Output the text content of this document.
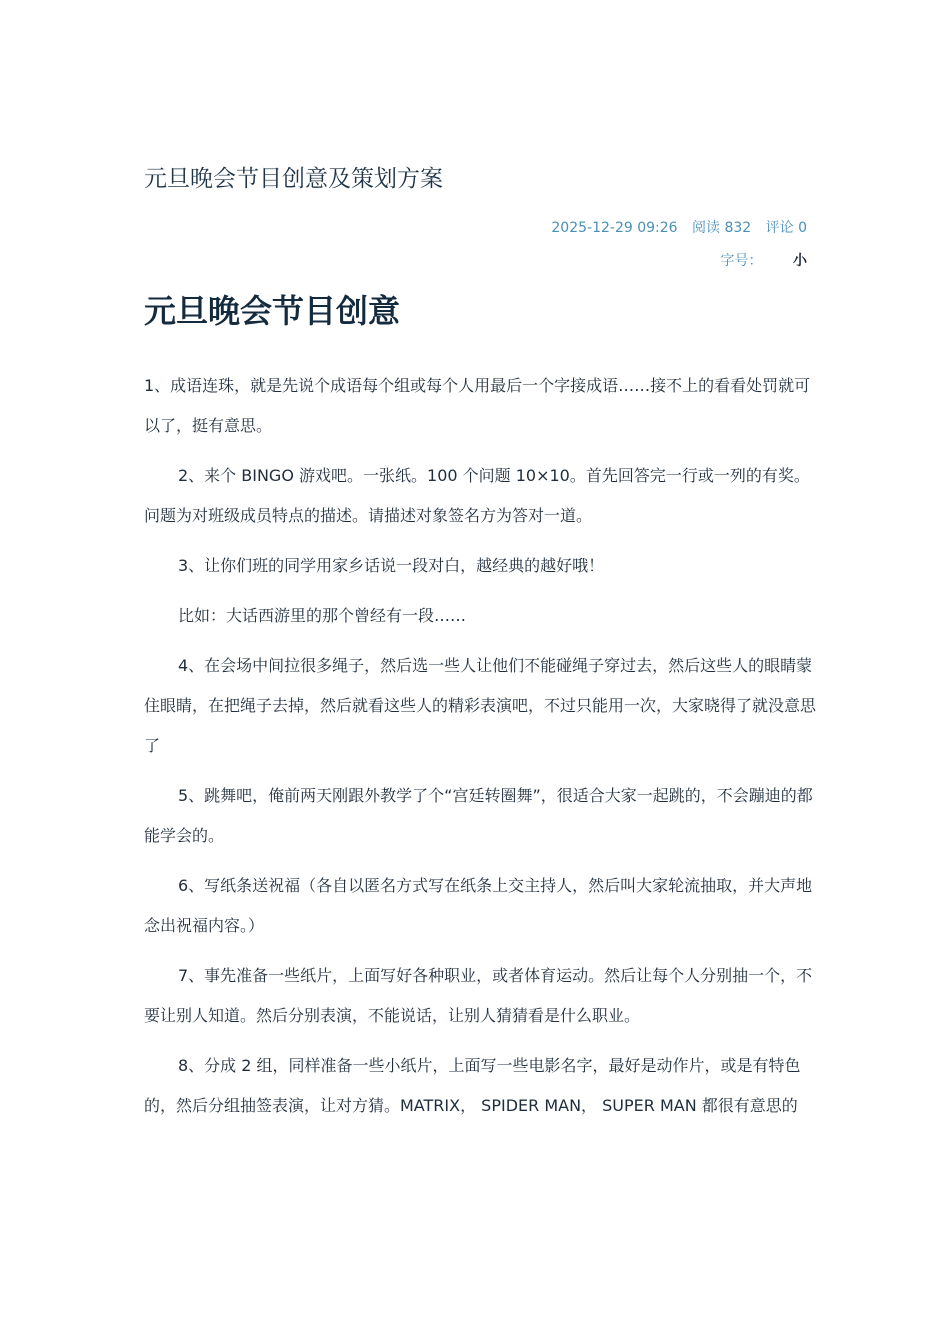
元旦晚会节目创意及策划方案
2025-12-29 09:26 阅读 832 评论 0
字号： 小
元旦晚会节目创意

1、成语连珠，就是先说个成语每个组或每个人用最后一个字接成语……接不上的看看处罚就可以了，挺有意思。

2、来个 BINGO 游戏吧。一张纸。100 个问题 10×10。首先回答完一行或一列的有奖。问题为对班级成员特点的描述。请描述对象签名方为答对一道。

3、让你们班的同学用家乡话说一段对白，越经典的越好哦！

比如：大话西游里的那个曾经有一段……

4、在会场中间拉很多绳子，然后选一些人让他们不能碰绳子穿过去，然后这些人的眼睛蒙住眼睛，在把绳子去掉，然后就看这些人的精彩表演吧，不过只能用一次，大家晓得了就没意思了

5、跳舞吧，俺前两天刚跟外教学了个“宫廷转圈舞”，很适合大家一起跳的，不会蹦迪的都能学会的。

6、写纸条送祝福（各自以匿名方式写在纸条上交主持人，然后叫大家轮流抽取，并大声地念出祝福内容。）

7、事先准备一些纸片，上面写好各种职业，或者体育运动。然后让每个人分别抽一个，不要让别人知道。然后分别表演，不能说话，让别人猜猜看是什么职业。

8、分成 2 组，同样准备一些小纸片，上面写一些电影名字，最好是动作片，或是有特色的，然后分组抽签表演，让对方猜。MATRIX， SPIDER MAN， SUPER MAN 都很有意思的
